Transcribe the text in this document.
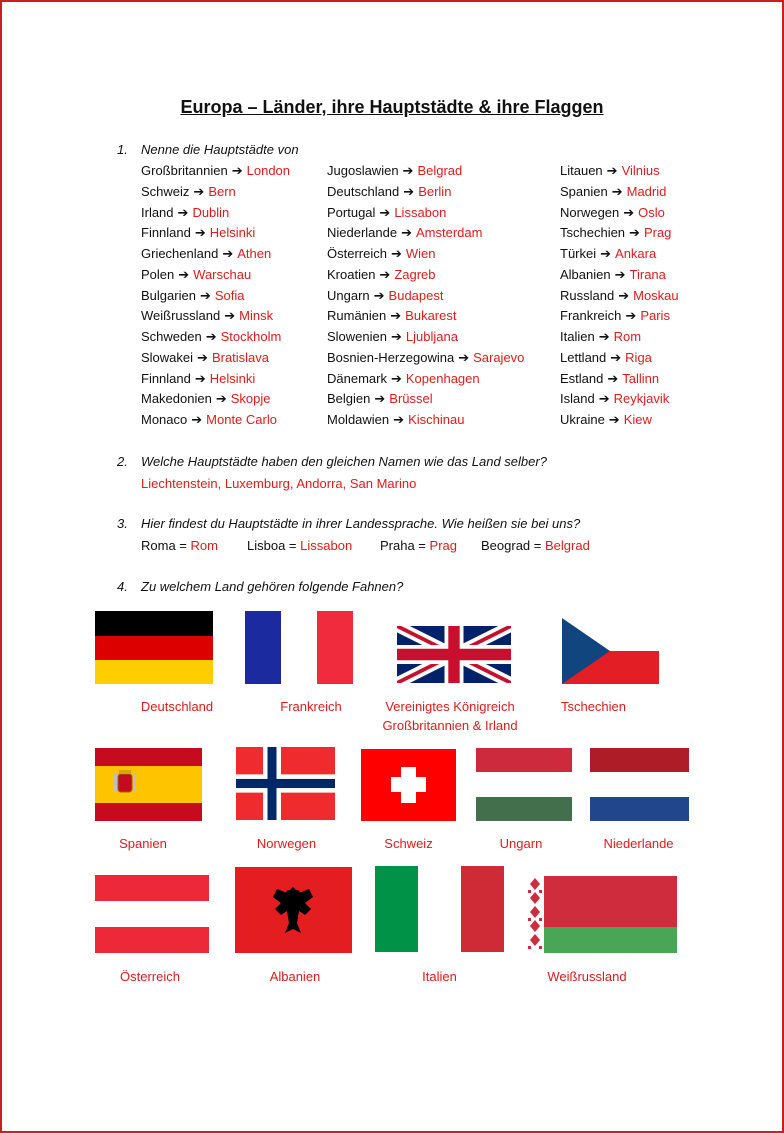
Europa – Länder, ihre Hauptstädte & ihre Flaggen
1. Nenne die Hauptstädte von
Großbritannien ➔ London
Schweiz ➔ Bern
Irland ➔ Dublin
Finnland ➔ Helsinki
Griechenland ➔ Athen
Polen ➔ Warschau
Bulgarien ➔ Sofia
Weißrussland ➔ Minsk
Schweden ➔ Stockholm
Slowakei ➔ Bratislava
Finnland ➔ Helsinki
Makedonien ➔ Skopje
Monaco ➔ Monte Carlo
Jugoslawien ➔ Belgrad
Deutschland ➔ Berlin
Portugal ➔ Lissabon
Niederlande ➔ Amsterdam
Österreich ➔ Wien
Kroatien ➔ Zagreb
Ungarn ➔ Budapest
Rumänien ➔ Bukarest
Slowenien ➔ Ljubljana
Bosnien-Herzegowina ➔ Sarajevo
Dänemark ➔ Kopenhagen
Belgien ➔ Brüssel
Moldawien ➔ Kischinau
Litauen ➔ Vilnius
Spanien ➔ Madrid
Norwegen ➔ Oslo
Tschechien ➔ Prag
Türkei ➔ Ankara
Albanien ➔ Tirana
Russland ➔ Moskau
Frankreich ➔ Paris
Italien ➔ Rom
Lettland ➔ Riga
Estland ➔ Tallinn
Island ➔ Reykjavik
Ukraine ➔ Kiew
2. Welche Hauptstädte haben den gleichen Namen wie das Land selber?
Liechtenstein, Luxemburg, Andorra, San Marino
3. Hier findest du Hauptstädte in ihrer Landessprache. Wie heißen sie bei uns?
Roma = Rom Lisboa = Lissabon Praha = Prag Beograd = Belgrad
4. Zu welchem Land gehören folgende Fahnen?
Deutschland	Frankreich	Vereinigtes Königreich
Großbritannien & Irland
Tschechien
Spanien	Norwegen	Schweiz	Ungarn	Niederlande
Österreich	Albanien	Italien	Weißrussland
